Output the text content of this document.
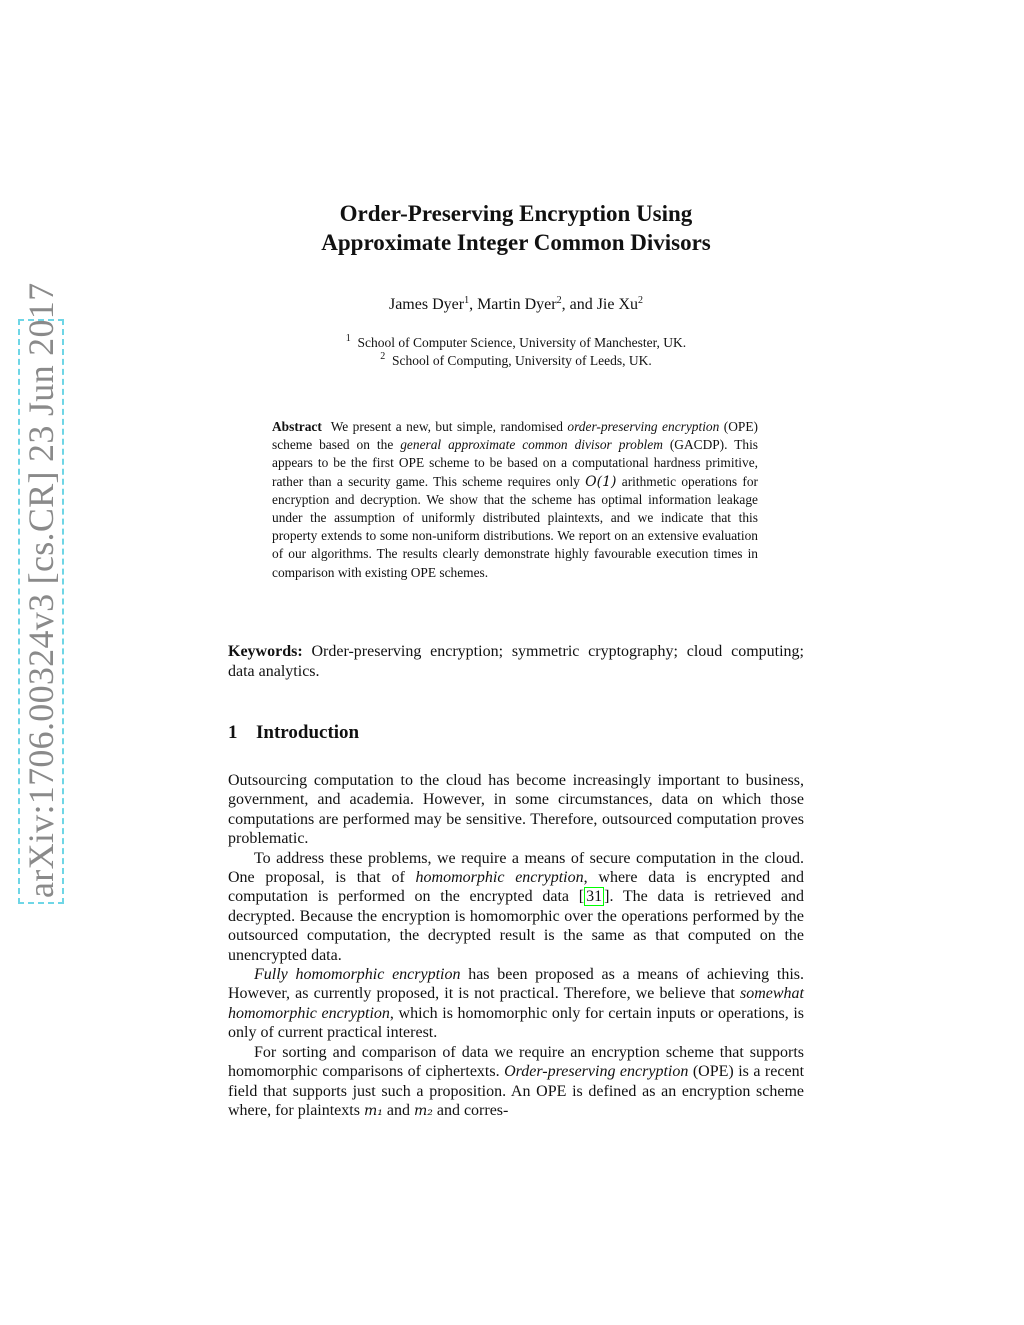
arXiv:1706.00324v3 [cs.CR] 23 Jun 2017
Order-Preserving Encryption Using
Approximate Integer Common Divisors
James Dyer$^1$, Martin Dyer$^2$, and Jie Xu$^2$
$^1$ School of Computer Science, University of Manchester, UK.
$^2$ School of Computing, University of Leeds, UK.
Abstract We present a new, but simple, randomised order-preserving encryption (OPE) scheme based on the general approximate common divisor problem (GACDP). This appears to be the first OPE scheme to be based on a computational hardness primitive, rather than a security game. This scheme requires only O(1) arithmetic operations for encryption and decryption. We show that the scheme has optimal information leakage under the assumption of uniformly distributed plaintexts, and we indicate that this property extends to some non-uniform distributions. We report on an extensive evaluation of our algorithms. The results clearly demonstrate highly favourable execution times in comparison with existing OPE schemes.
Keywords: Order-preserving encryption; symmetric cryptography; cloud computing; data analytics.
1 Introduction

Outsourcing computation to the cloud has become increasingly important to business, government, and academia. However, in some circumstances, data on which those computations are performed may be sensitive. Therefore, outsourced computation proves problematic.

To address these problems, we require a means of secure computation in the cloud. One proposal, is that of homomorphic encryption, where data is encrypted and computation is performed on the encrypted data [ 31 ]. The data is retrieved and decrypted. Because the encryption is homomorphic over the operations performed by the outsourced computation, the decrypted result is the same as that computed on the unencrypted data.

Fully homomorphic encryption has been proposed as a means of achieving this. However, as currently proposed, it is not practical. Therefore, we believe that somewhat homomorphic encryption, which is homomorphic only for certain inputs or operations, is only of current practical interest.

For sorting and comparison of data we require an encryption scheme that supports homomorphic comparisons of ciphertexts. Order-preserving encryption (OPE) is a recent field that supports just such a proposition. An OPE is defined as an encryption scheme where, for plaintexts m₁ and m₂ and corres-
